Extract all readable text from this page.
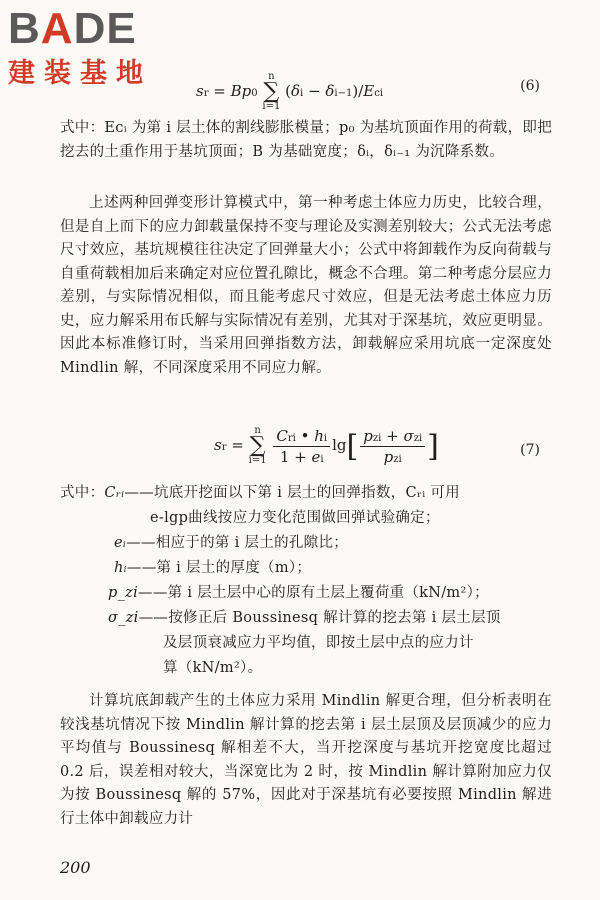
BADE
建装基地
sr = Bp0
n
∑
i=1
(δi − δi−1)/Eci	(6)

式中：Eᴄᵢ 为第 i 层土体的割线膨胀模量；p₀ 为基坑顶面作用的荷载，即把挖去的土重作用于基坑顶面；B 为基础宽度；δᵢ，δᵢ₋₁ 为沉降系数。

上述两种回弹变形计算模式中，第一种考虑土体应力历史，比较合理，但是自上而下的应力卸载量保持不变与理论及实测差别较大；公式无法考虑尺寸效应，基坑规模往往决定了回弹量大小；公式中将卸载作为反向荷载与自重荷载相加后来确定对应位置孔隙比，概念不合理。第二种考虑分层应力差别，与实际情况相似，而且能考虑尺寸效应，但是无法考虑土体应力历史，应力解采用布氏解与实际情况有差别，尤其对于深基坑，效应更明显。因此本标准修订时，当采用回弹指数方法，卸载解应采用坑底一定深度处 Mindlin 解，不同深度采用不同应力解。

sr =
n
∑
i=1
$\frac{\text{Cri • hi}}{1 + ei} \lg[ \frac{\text{pzi + σzi}}{\text{pzi}}$ ]	(7)
式中：Cᵣᵢ——坑底开挖面以下第 i 层土的回弹指数，Cᵣᵢ 可用
e-lgp曲线按应力变化范围做回弹试验确定；
eᵢ——相应于的第 i 层土的孔隙比；
hᵢ——第 i 层土的厚度（m）；
p_zi——第 i 层土层中心的原有土层上覆荷重（kN/m²）；
σ_zi——按修正后 Boussinesq 解计算的挖去第 i 层土层顶
及层顶衰减应力平均值，即按土层中点的应力计
算（kN/m²）。

计算坑底卸载产生的土体应力采用 Mindlin 解更合理，但分析表明在较浅基坑情况下按 Mindlin 解计算的挖去第 i 层土层顶及层顶减少的应力平均值与 Boussinesq 解相差不大，当开挖深度与基坑开挖宽度比超过 0.2 后，误差相对较大，当深宽比为 2 时，按 Mindlin 解计算附加应力仅为按 Boussinesq 解的 57%，因此对于深基坑有必要按照 Mindlin 解进行土体中卸载应力计

200
